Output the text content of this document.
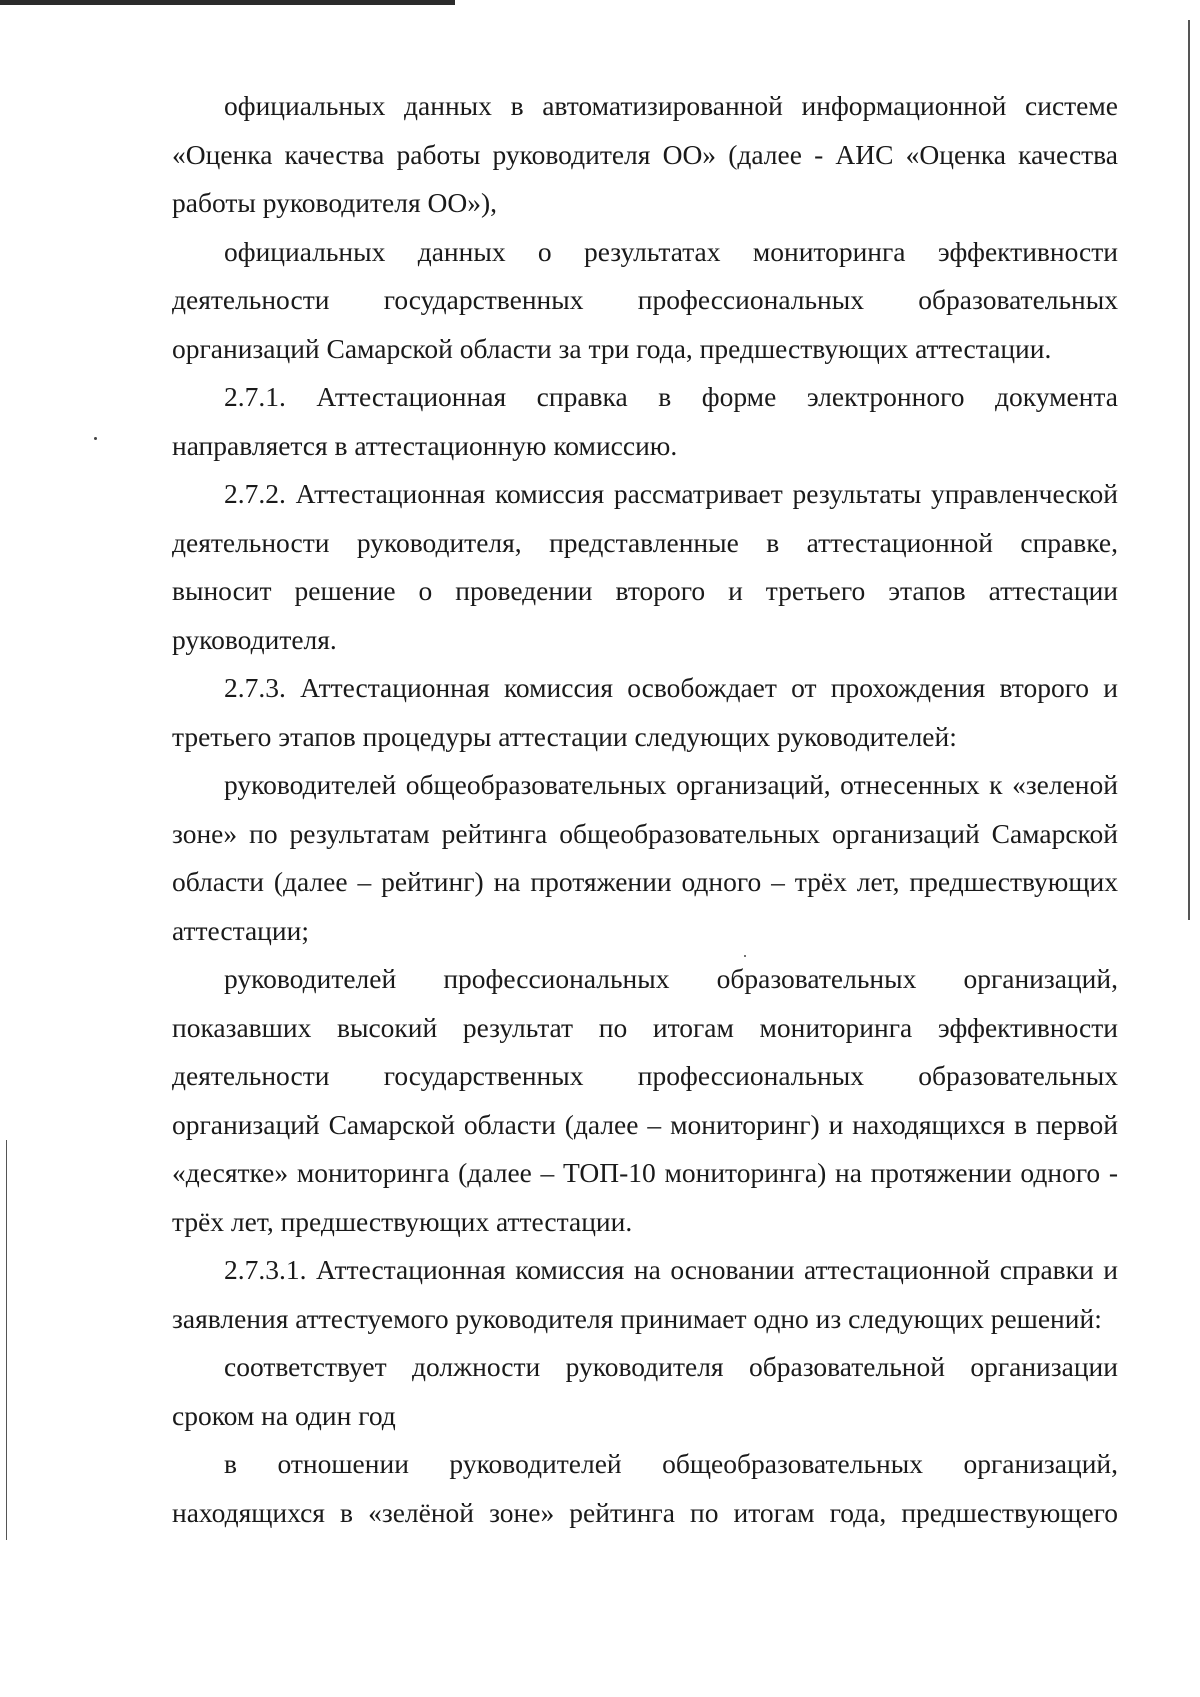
официальных данных в автоматизированной информационной системе «Оценка качества работы руководителя ОО» (далее - АИС «Оценка качества работы руководителя ОО»),

официальных данных о результатах мониторинга эффективности деятельности государственных профессиональных образовательных организаций Самарской области за три года, предшествующих аттестации.

2.7.1. Аттестационная справка в форме электронного документа направляется в аттестационную комиссию.

2.7.2. Аттестационная комиссия рассматривает результаты управленческой деятельности руководителя, представленные в аттестационной справке, выносит решение о проведении второго и третьего этапов аттестации руководителя.

2.7.3. Аттестационная комиссия освобождает от прохождения второго и третьего этапов процедуры аттестации следующих руководителей:

руководителей общеобразовательных организаций, отнесенных к «зеленой зоне» по результатам рейтинга общеобразовательных организаций Самарской области (далее – рейтинг) на протяжении одного – трёх лет, предшествующих аттестации;

руководителей профессиональных образовательных организаций, показавших высокий результат по итогам мониторинга эффективности деятельности государственных профессиональных образовательных организаций Самарской области (далее – мониторинг) и находящихся в первой «десятке» мониторинга (далее – ТОП-10 мониторинга) на протяжении одного - трёх лет, предшествующих аттестации.

2.7.3.1. Аттестационная комиссия на основании аттестационной справки и заявления аттестуемого руководителя принимает одно из следующих решений:

соответствует должности руководителя образовательной организации сроком на один год

в отношении руководителей общеобразовательных организаций, находящихся в «зелёной зоне» рейтинга по итогам года, предшествующего
